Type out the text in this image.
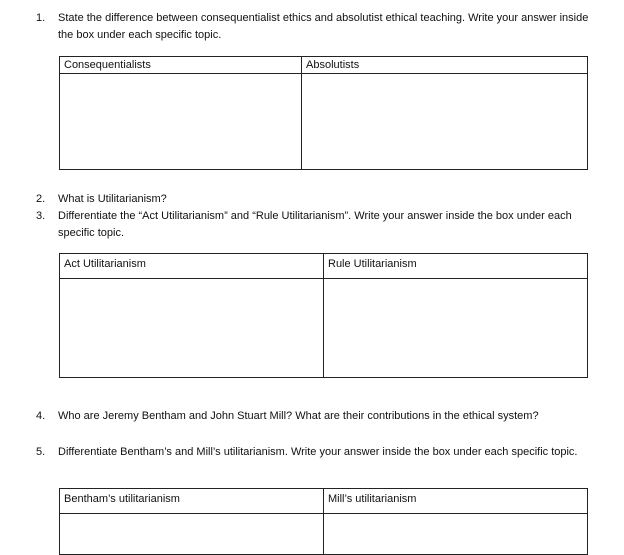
1.	State the difference between consequentialist ethics and absolutist ethical teaching. Write your answer inside the box under each specific topic.
Consequentialists	Absolutists

2.	What is Utilitarianism?
3.	Differentiate the “Act Utilitarianism” and “Rule Utilitarianism”. Write your answer inside the box under each specific topic.
Act Utilitarianism	Rule Utilitarianism

4.	Who are Jeremy Bentham and John Stuart Mill? What are their contributions in the ethical system?
5.	Differentiate Bentham’s and Mill’s utilitarianism. Write your answer inside the box under each specific topic.
Bentham’s utilitarianism	Mill’s utilitarianism
